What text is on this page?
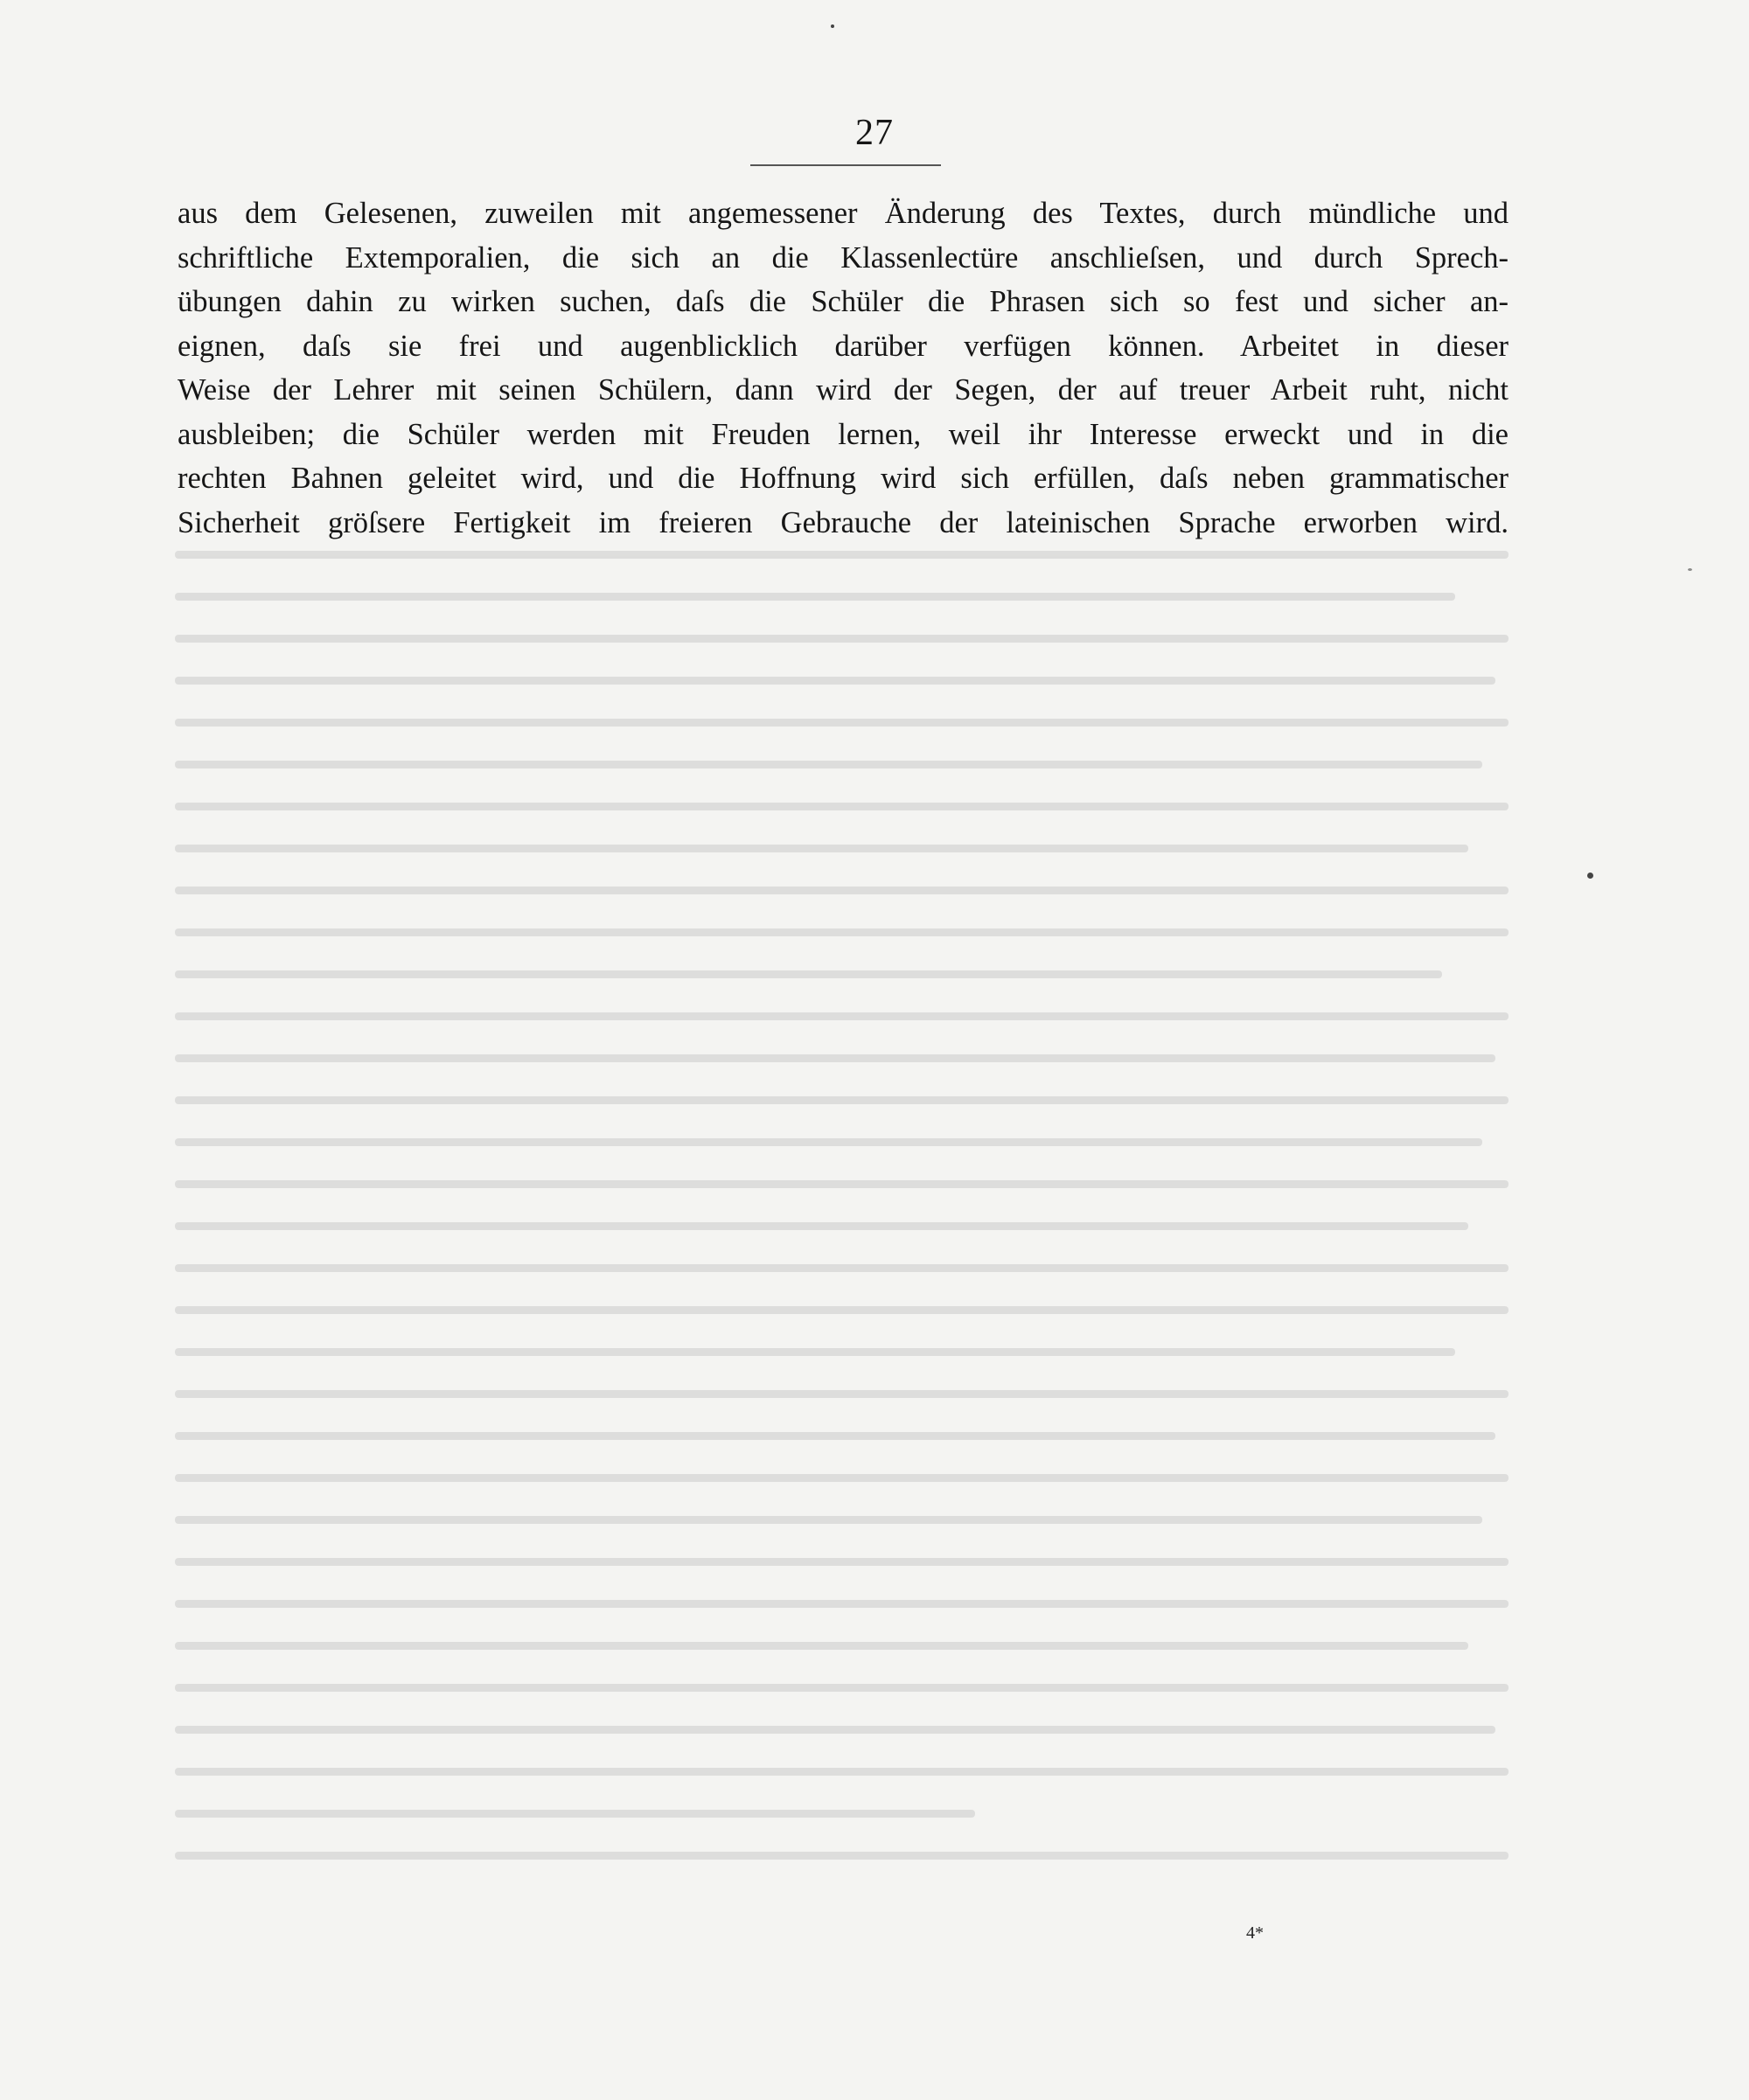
27
aus dem Gelesenen, zuweilen mit angemessener Änderung des Textes, durch mündliche und
schriftliche Extemporalien, die sich an die Klassenlectüre anschlieſsen, und durch Sprech-
übungen dahin zu wirken suchen, daſs die Schüler die Phrasen sich so fest und sicher an-
eignen, daſs sie frei und augenblicklich darüber verfügen können. Arbeitet in dieser
Weise der Lehrer mit seinen Schülern, dann wird der Segen, der auf treuer Arbeit ruht, nicht
ausbleiben; die Schüler werden mit Freuden lernen, weil ihr Interesse erweckt und in die
rechten Bahnen geleitet wird, und die Hoffnung wird sich erfüllen, daſs neben grammatischer
Sicherheit gröſsere Fertigkeit im freieren Gebrauche der lateinischen Sprache erworben wird.
4*
